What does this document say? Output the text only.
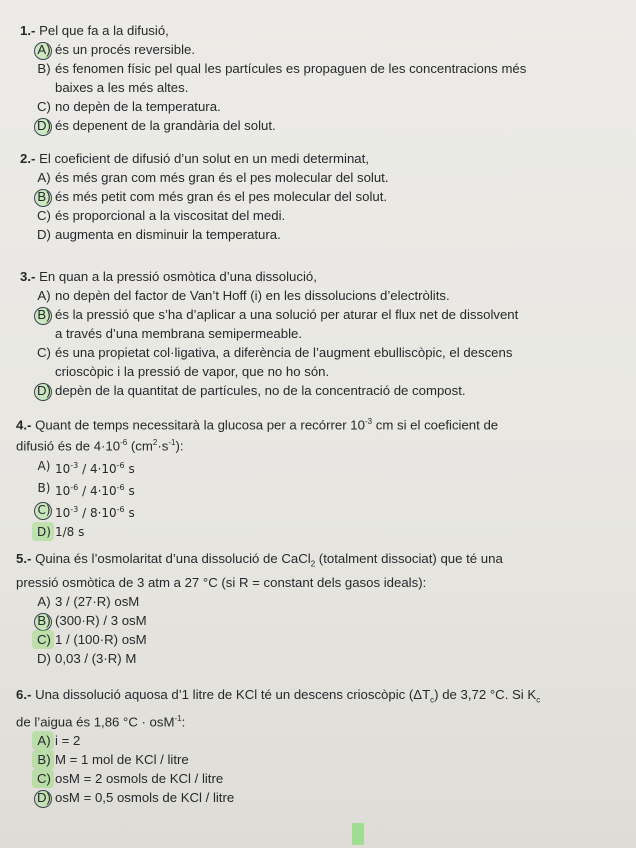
1.- Pel que fa a la difusió,

A) és un procés reversible.
B) és fenomen físic pel qual les partícules es propaguen de les concentracions més
baixes a les més altes.
C) no depèn de la temperatura.
D) és depenent de la grandària del solut.

2.- El coeficient de difusió d’un solut en un medi determinat,

A) és més gran com més gran és el pes molecular del solut.
B) és més petit com més gran és el pes molecular del solut.
C) és proporcional a la viscositat del medi.
D) augmenta en disminuir la temperatura.

3.- En quan a la pressió osmòtica d’una dissolució,

A) no depèn del factor de Van’t Hoff (i) en les dissolucions d’electròlits.
B) és la pressió que s’ha d’aplicar a una solució per aturar el flux net de dissolvent
a través d’una membrana semipermeable.
C) és una propietat col·ligativa, a diferència de l’augment ebulliscòpic, el descens
crioscòpic i la pressió de vapor, que no ho són.
D) depèn de la quantitat de partícules, no de la concentració de compost.

4.- Quant de temps necessitarà la glucosa per a recórrer $10^{-3}$ cm si el coeficient de
difusió és de $4\cdot 10^{-6}$ $(cm^2\cdot s^{-1})$:

A) $10^{-3} / 4\cdot 10^{-6}$ s
B) $10^{-6} / 4\cdot 10^{-6}$ s
C) $10^{-3} / 8\cdot 10^{-6}$ s
D) 1/8 s

5.- Quina és l’osmolaritat d’una dissolució de CaCl$_2$ (totalment dissociat) que té una
pressió osmòtica de 3 atm a 27 °C (si R = constant dels gasos ideals):

A) 3 / (27·R) osM
B) (300·R) / 3 osM
C) 1 / (100·R) osM
D) 0,03 / (3·R) M

6.- Una dissolució aquosa d’1 litre de KCl té un descens crioscòpic $(\Delta T_c)$ de 3,72 °C. Si $K_c$
de l’aigua és 1,86 °C · osM$^{-1}$:

A) i = 2
B) M = 1 mol de KCl / litre
C) osM = 2 osmols de KCl / litre
D) osM = 0,5 osmols de KCl / litre
